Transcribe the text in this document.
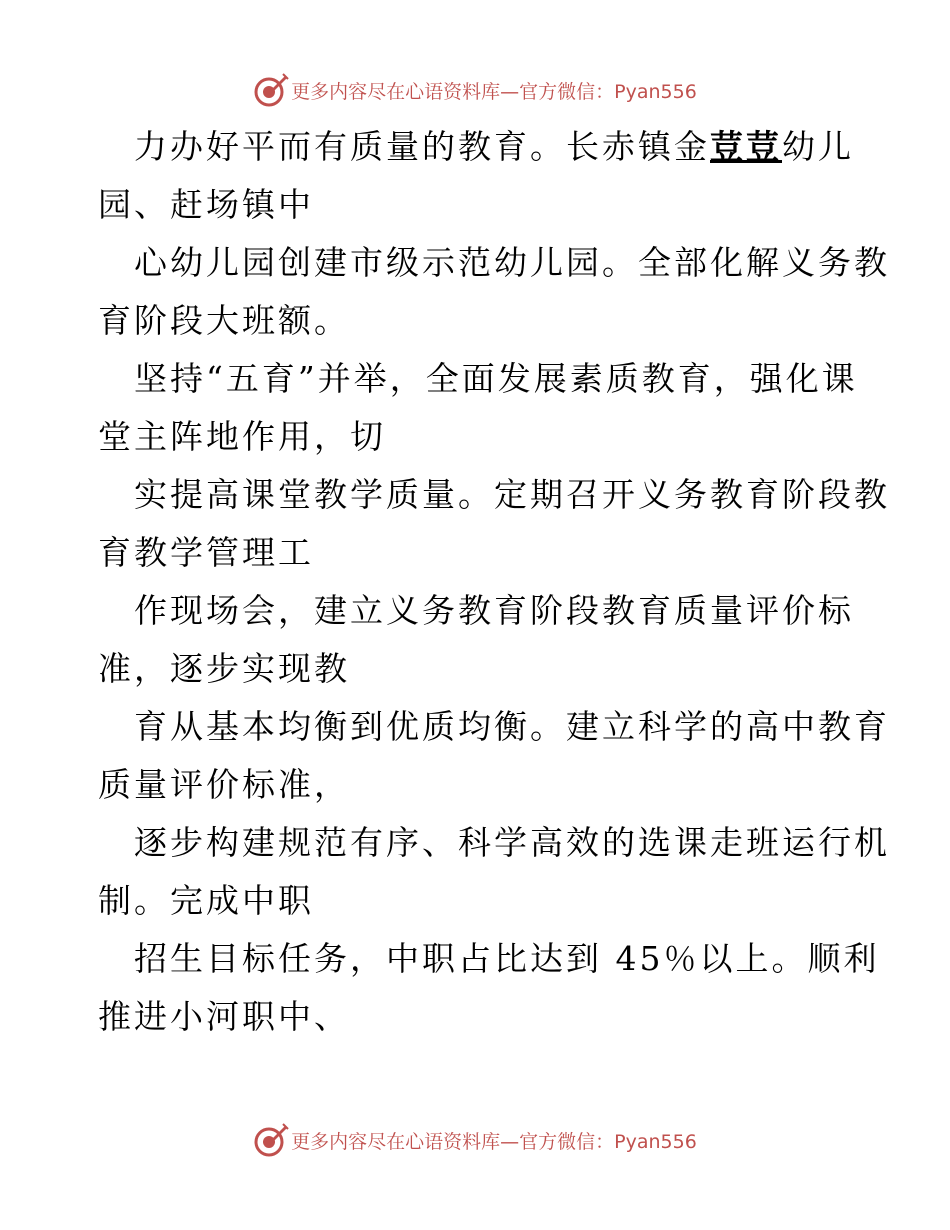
更多内容尽在心语资料库—官方微信：Pyan556

力办好平而有质量的教育。长赤镇金荳荳幼儿
园、赶场镇中

心幼儿园创建市级示范幼儿园。全部化解义务教
育阶段大班额。

坚持“五育”并举，全面发展素质教育，强化课
堂主阵地作用，切

实提高课堂教学质量。定期召开义务教育阶段教
育教学管理工

作现场会，建立义务教育阶段教育质量评价标
准，逐步实现教

育从基本均衡到优质均衡。建立科学的高中教育
质量评价标准，

逐步构建规范有序、科学高效的选课走班运行机
制。完成中职

招生目标任务，中职占比达到 45％以上。顺利
推进小河职中、

更多内容尽在心语资料库—官方微信：Pyan556
